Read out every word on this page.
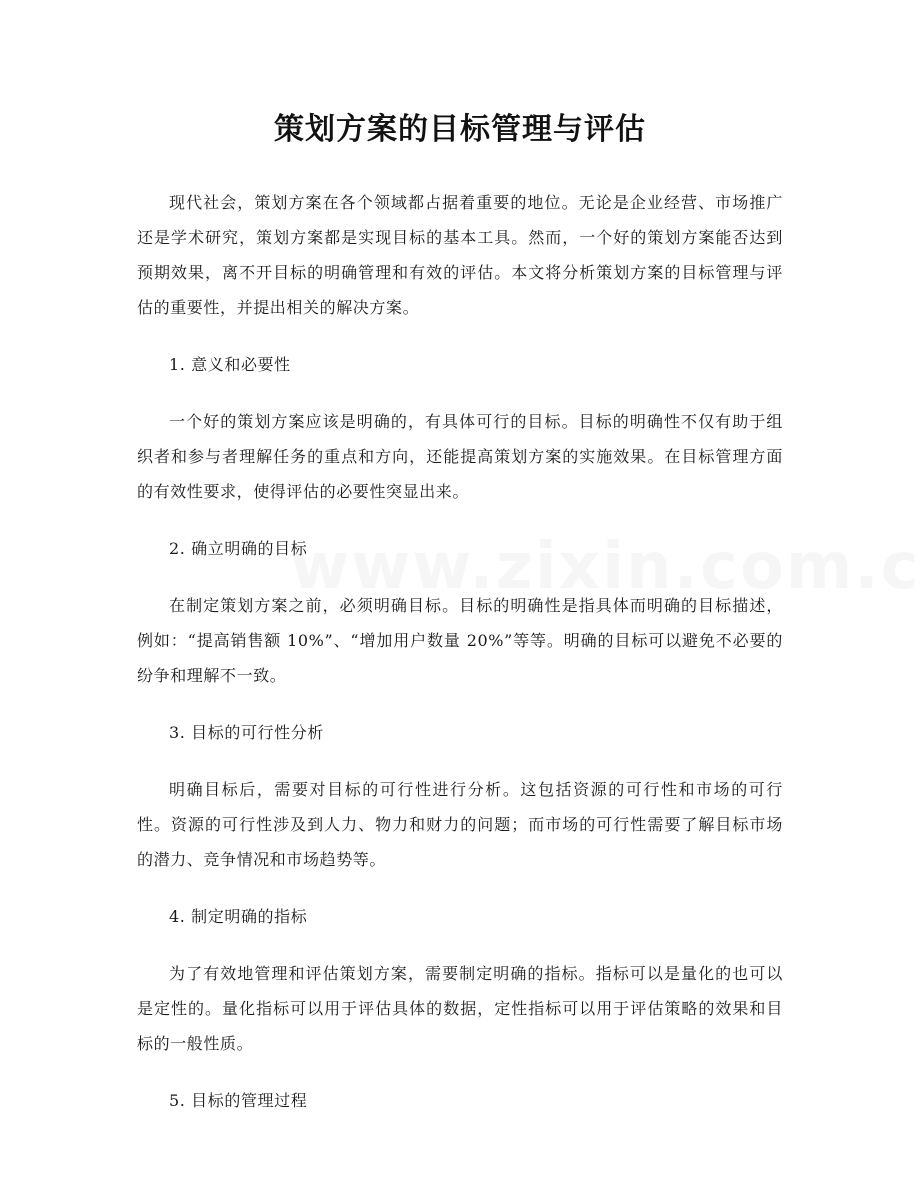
策划方案的目标管理与评估

现代社会，策划方案在各个领域都占据着重要的地位。无论是企业经营、市场推广还是学术研究，策划方案都是实现目标的基本工具。然而，一个好的策划方案能否达到预期效果，离不开目标的明确管理和有效的评估。本文将分析策划方案的目标管理与评估的重要性，并提出相关的解决方案。

1. 意义和必要性

一个好的策划方案应该是明确的，有具体可行的目标。目标的明确性不仅有助于组织者和参与者理解任务的重点和方向，还能提高策划方案的实施效果。在目标管理方面的有效性要求，使得评估的必要性突显出来。

2. 确立明确的目标

在制定策划方案之前，必须明确目标。目标的明确性是指具体而明确的目标描述，例如：“提高销售额 10%”、“增加用户数量 20%”等等。明确的目标可以避免不必要的纷争和理解不一致。

3. 目标的可行性分析

明确目标后，需要对目标的可行性进行分析。这包括资源的可行性和市场的可行性。资源的可行性涉及到人力、物力和财力的问题；而市场的可行性需要了解目标市场的潜力、竞争情况和市场趋势等。

4. 制定明确的指标

为了有效地管理和评估策划方案，需要制定明确的指标。指标可以是量化的也可以是定性的。量化指标可以用于评估具体的数据，定性指标可以用于评估策略的效果和目标的一般性质。

5. 目标的管理过程
